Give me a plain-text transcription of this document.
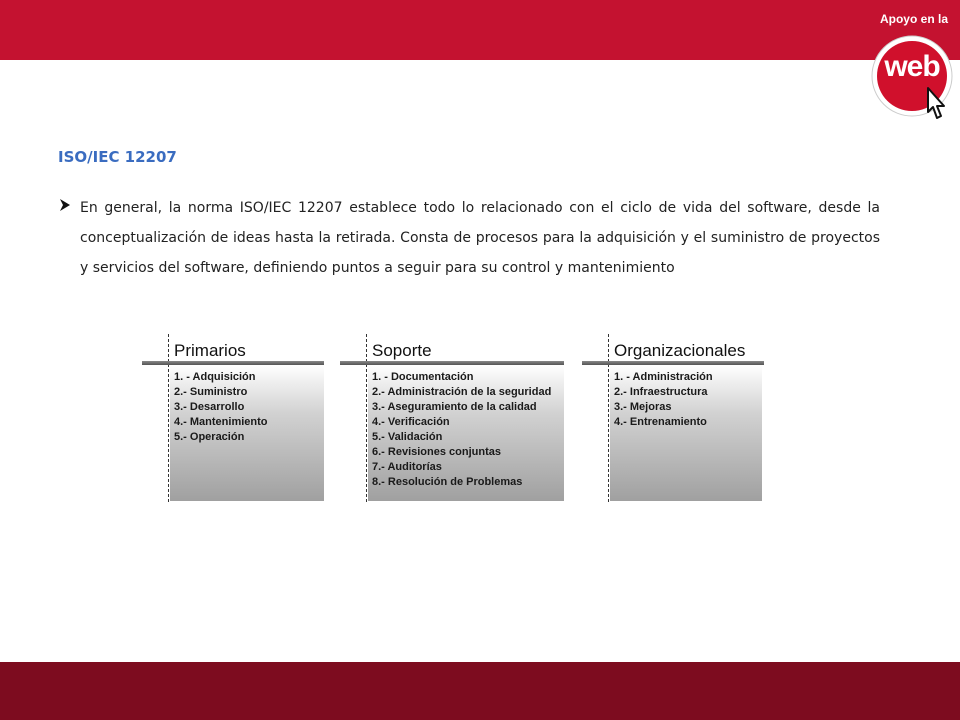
Apoyo en la
web
ISO/IEC 12207
En general, la norma ISO/IEC 12207 establece todo lo relacionado con el ciclo de vida del software, desde la conceptualización de ideas hasta la retirada. Consta de procesos para la adquisición y el suministro de proyectos y servicios del software, definiendo puntos a seguir para su control y mantenimiento
Primarios
1. - Adquisición
2.- Suministro
3.- Desarrollo
4.- Mantenimiento
5.- Operación
Soporte
1. - Documentación
2.- Administración de la seguridad
3.- Aseguramiento de la calidad
4.- Verificación
5.- Validación
6.- Revisiones conjuntas
7.- Auditorías
8.- Resolución de Problemas
Organizacionales
1. - Administración
2.- Infraestructura
3.- Mejoras
4.- Entrenamiento
